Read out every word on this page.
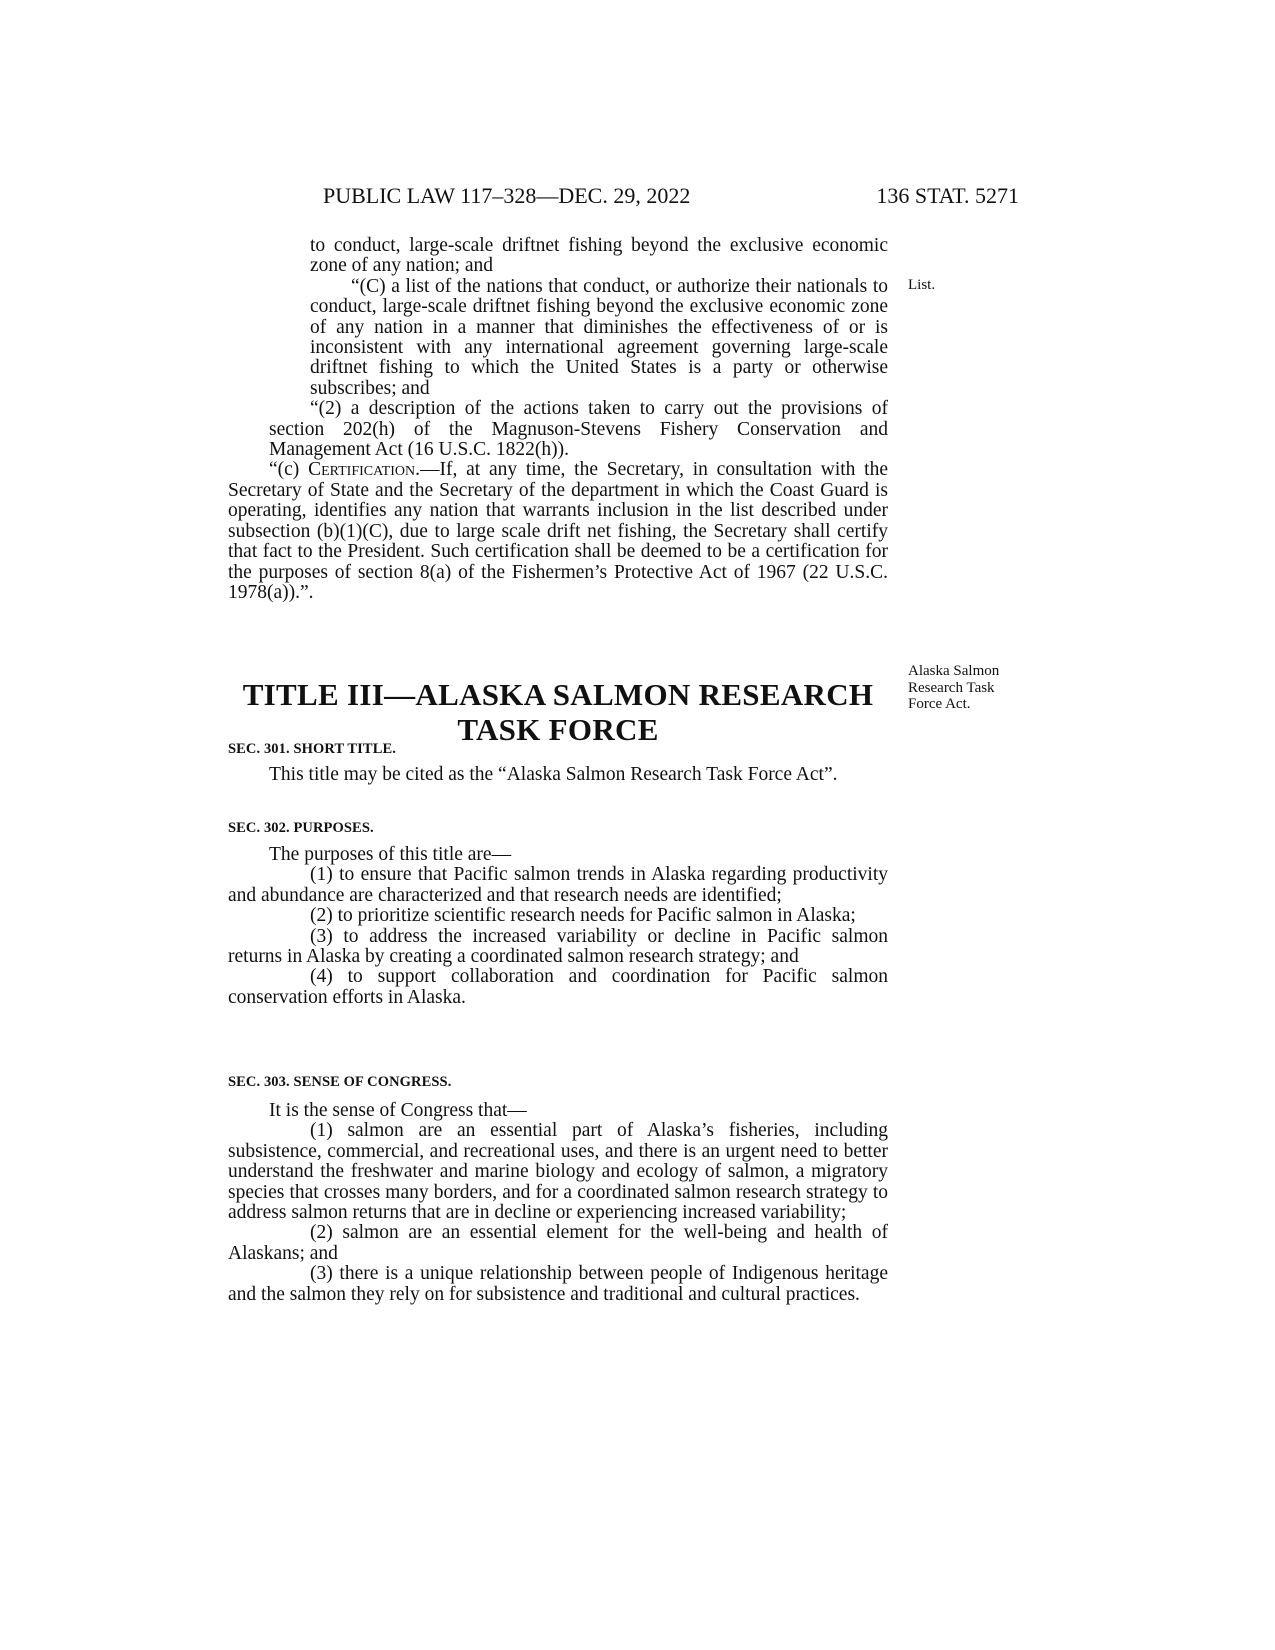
PUBLIC LAW 117–328—DEC. 29, 2022	136 STAT. 5271
List.

to conduct, large-scale driftnet fishing beyond the exclusive economic zone of any nation; and

“(C) a list of the nations that conduct, or authorize their nationals to conduct, large-scale driftnet fishing beyond the exclusive economic zone of any nation in a manner that diminishes the effectiveness of or is inconsistent with any international agreement governing large-scale driftnet fishing to which the United States is a party or otherwise subscribes; and

“(2) a description of the actions taken to carry out the provisions of section 202(h) of the Magnuson-Stevens Fishery Conservation and Management Act (16 U.S.C. 1822(h)).

“(c) Certification.—If, at any time, the Secretary, in consultation with the Secretary of State and the Secretary of the department in which the Coast Guard is operating, identifies any nation that warrants inclusion in the list described under subsection (b)(1)(C), due to large scale drift net fishing, the Secretary shall certify that fact to the President. Such certification shall be deemed to be a certification for the purposes of section 8(a) of the Fishermen’s Protective Act of 1967 (22 U.S.C. 1978(a)).”.

TITLE III—ALASKA SALMON RESEARCH
TASK FORCE
Alaska Salmon
Research Task
Force Act.
SEC. 301. SHORT TITLE.

This title may be cited as the “Alaska Salmon Research Task Force Act”.

SEC. 302. PURPOSES.

The purposes of this title are—

(1) to ensure that Pacific salmon trends in Alaska regarding productivity and abundance are characterized and that research needs are identified;

(2) to prioritize scientific research needs for Pacific salmon in Alaska;

(3) to address the increased variability or decline in Pacific salmon returns in Alaska by creating a coordinated salmon research strategy; and

(4) to support collaboration and coordination for Pacific salmon conservation efforts in Alaska.

SEC. 303. SENSE OF CONGRESS.

It is the sense of Congress that—

(1) salmon are an essential part of Alaska’s fisheries, including subsistence, commercial, and recreational uses, and there is an urgent need to better understand the freshwater and marine biology and ecology of salmon, a migratory species that crosses many borders, and for a coordinated salmon research strategy to address salmon returns that are in decline or experiencing increased variability;

(2) salmon are an essential element for the well-being and health of Alaskans; and

(3) there is a unique relationship between people of Indigenous heritage and the salmon they rely on for subsistence and traditional and cultural practices.
